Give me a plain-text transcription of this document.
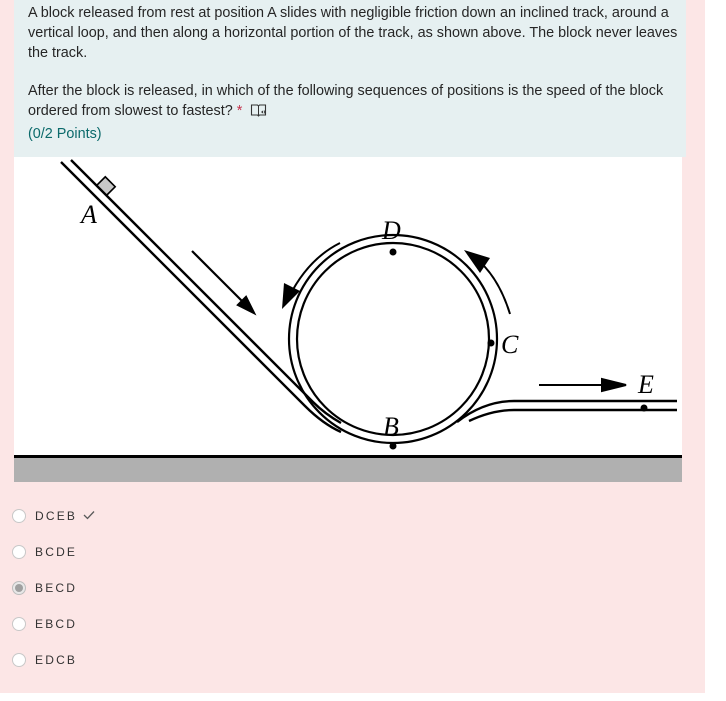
A block released from rest at position A slides with negligible friction down an inclined track, around a vertical loop, and then along a horizontal portion of the track, as shown above. The block never leaves the track.

After the block is released, in which of the following sequences of positions is the speed of the block ordered from slowest to fastest? *

(0/2 Points)
A
D
C
E
B
DCEB
BCDE
BECD
EBCD
EDCB
